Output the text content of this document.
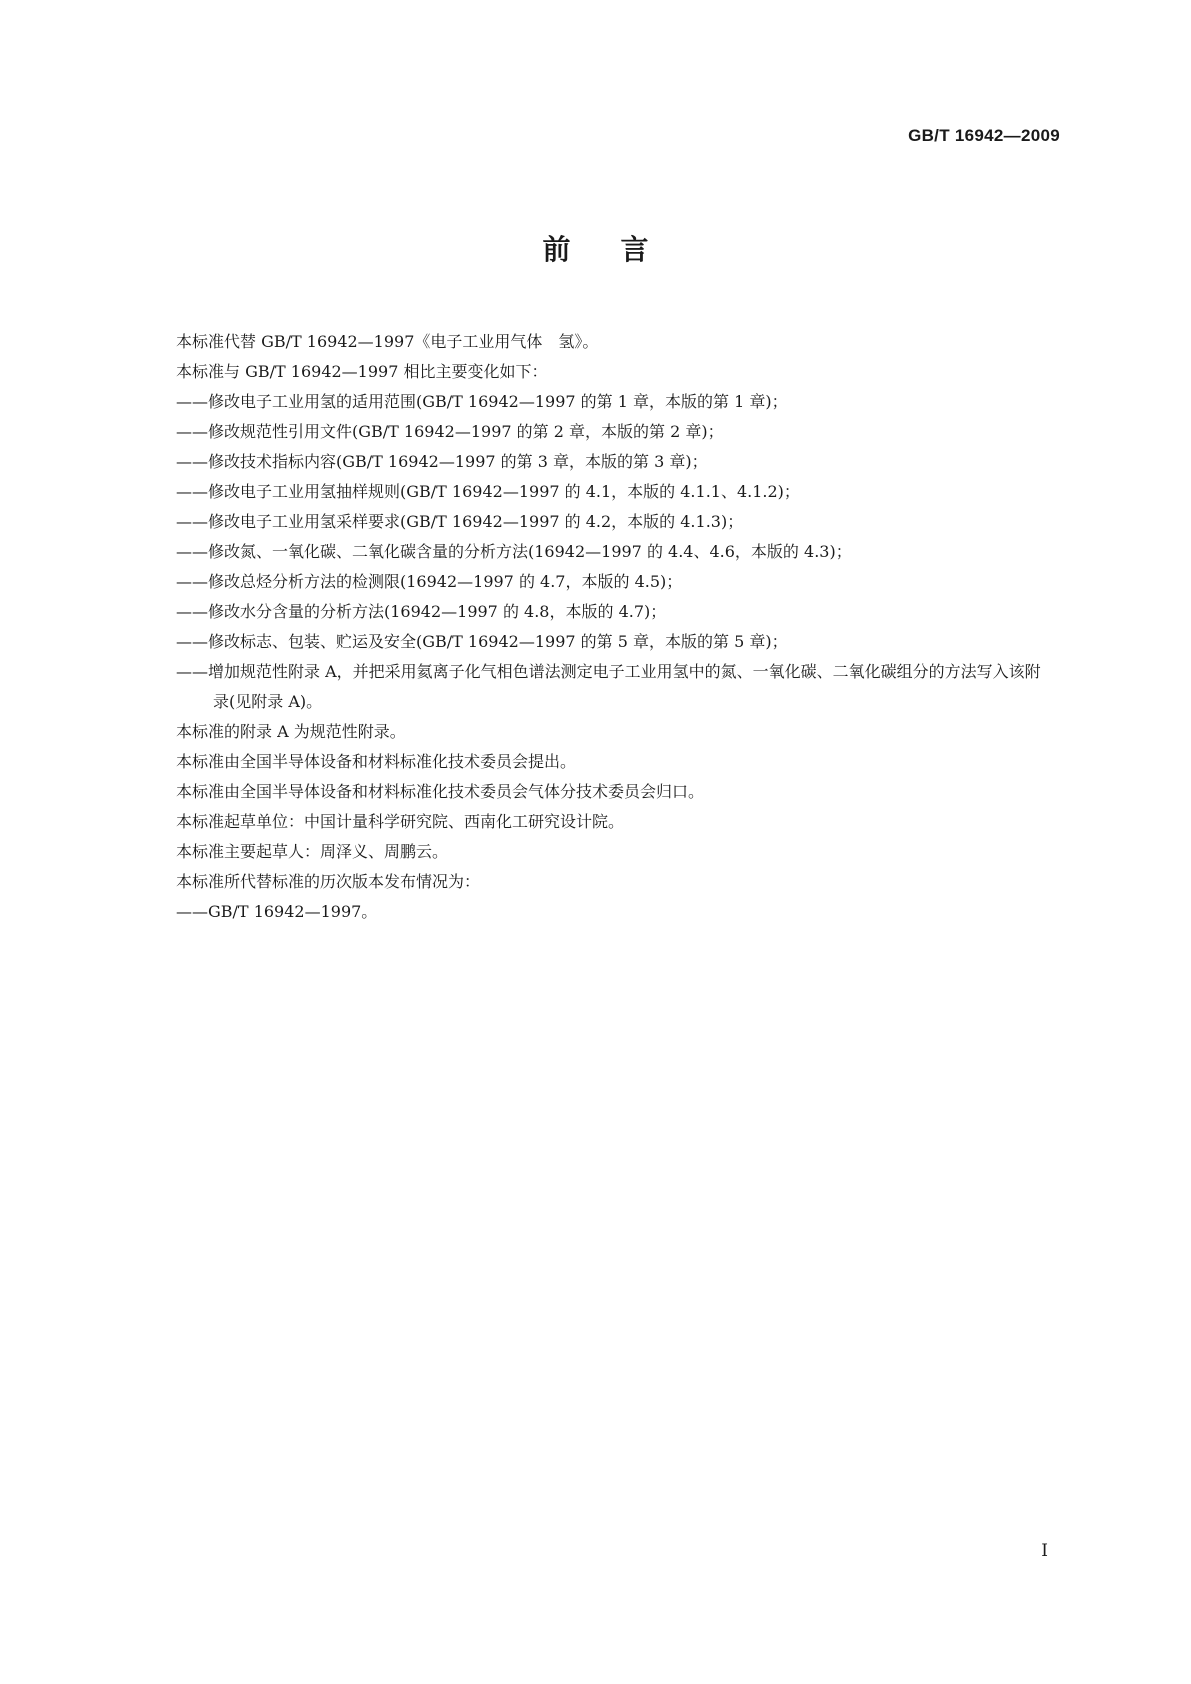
GB/T 16942—2009
前言
本标准代替 GB/T 16942—1997《电子工业用气体　氢》。
本标准与 GB/T 16942—1997 相比主要变化如下：
——修改电子工业用氢的适用范围(GB/T 16942—1997 的第 1 章，本版的第 1 章)；
——修改规范性引用文件(GB/T 16942—1997 的第 2 章，本版的第 2 章)；
——修改技术指标内容(GB/T 16942—1997 的第 3 章，本版的第 3 章)；
——修改电子工业用氢抽样规则(GB/T 16942—1997 的 4.1，本版的 4.1.1、4.1.2)；
——修改电子工业用氢采样要求(GB/T 16942—1997 的 4.2，本版的 4.1.3)；
——修改氮、一氧化碳、二氧化碳含量的分析方法(16942—1997 的 4.4、4.6，本版的 4.3)；
——修改总烃分析方法的检测限(16942—1997 的 4.7，本版的 4.5)；
——修改水分含量的分析方法(16942—1997 的 4.8，本版的 4.7)；
——修改标志、包装、贮运及安全(GB/T 16942—1997 的第 5 章，本版的第 5 章)；
——增加规范性附录 A，并把采用氦离子化气相色谱法测定电子工业用氢中的氮、一氧化碳、二氧化碳组分的方法写入该附录(见附录 A)。
本标准的附录 A 为规范性附录。
本标准由全国半导体设备和材料标准化技术委员会提出。
本标准由全国半导体设备和材料标准化技术委员会气体分技术委员会归口。
本标准起草单位：中国计量科学研究院、西南化工研究设计院。
本标准主要起草人：周泽义、周鹏云。
本标准所代替标准的历次版本发布情况为：
——GB/T 16942—1997。
I
